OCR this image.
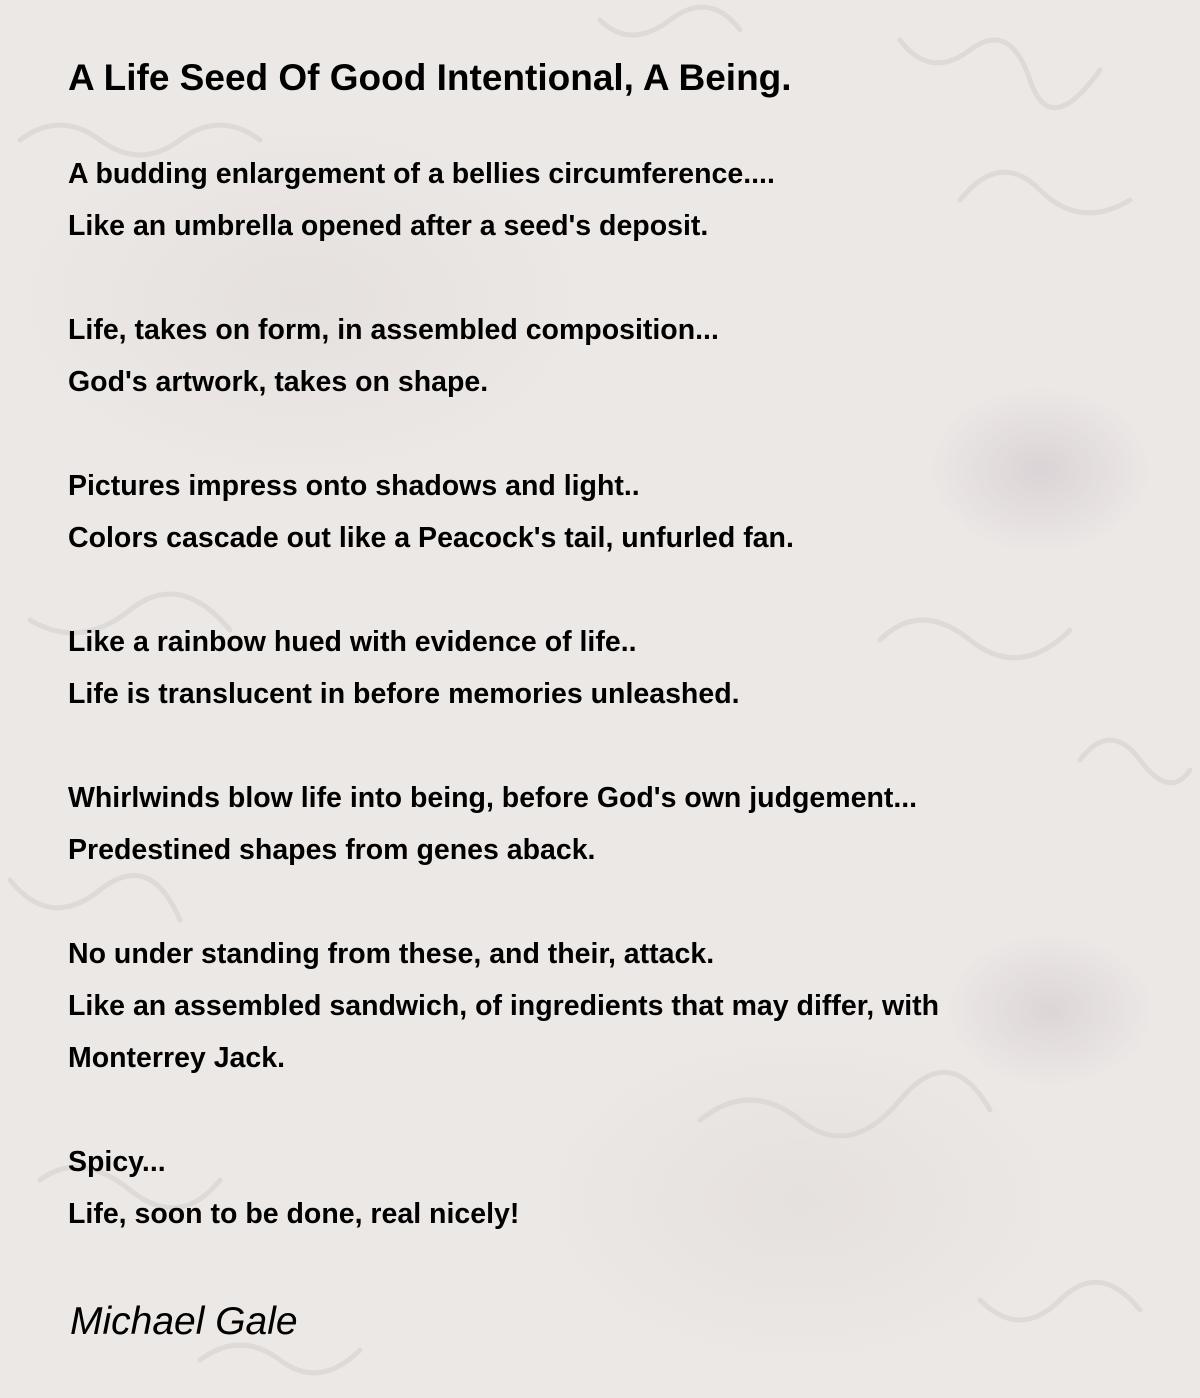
A Life Seed Of Good Intentional, A Being.
A budding enlargement of a bellies circumference....
Like an umbrella opened after a seed's deposit.
Life, takes on form, in assembled composition...
God's artwork, takes on shape.
Pictures impress onto shadows and light..
Colors cascade out like a Peacock's tail, unfurled fan.
Like a rainbow hued with evidence of life..
Life is translucent in before memories unleashed.
Whirlwinds blow life into being, before God's own judgement...
Predestined shapes from genes aback.
No under standing from these, and their, attack.
Like an assembled sandwich, of ingredients that may differ, with
Monterrey Jack.
Spicy...
Life, soon to be done, real nicely!

Michael Gale
